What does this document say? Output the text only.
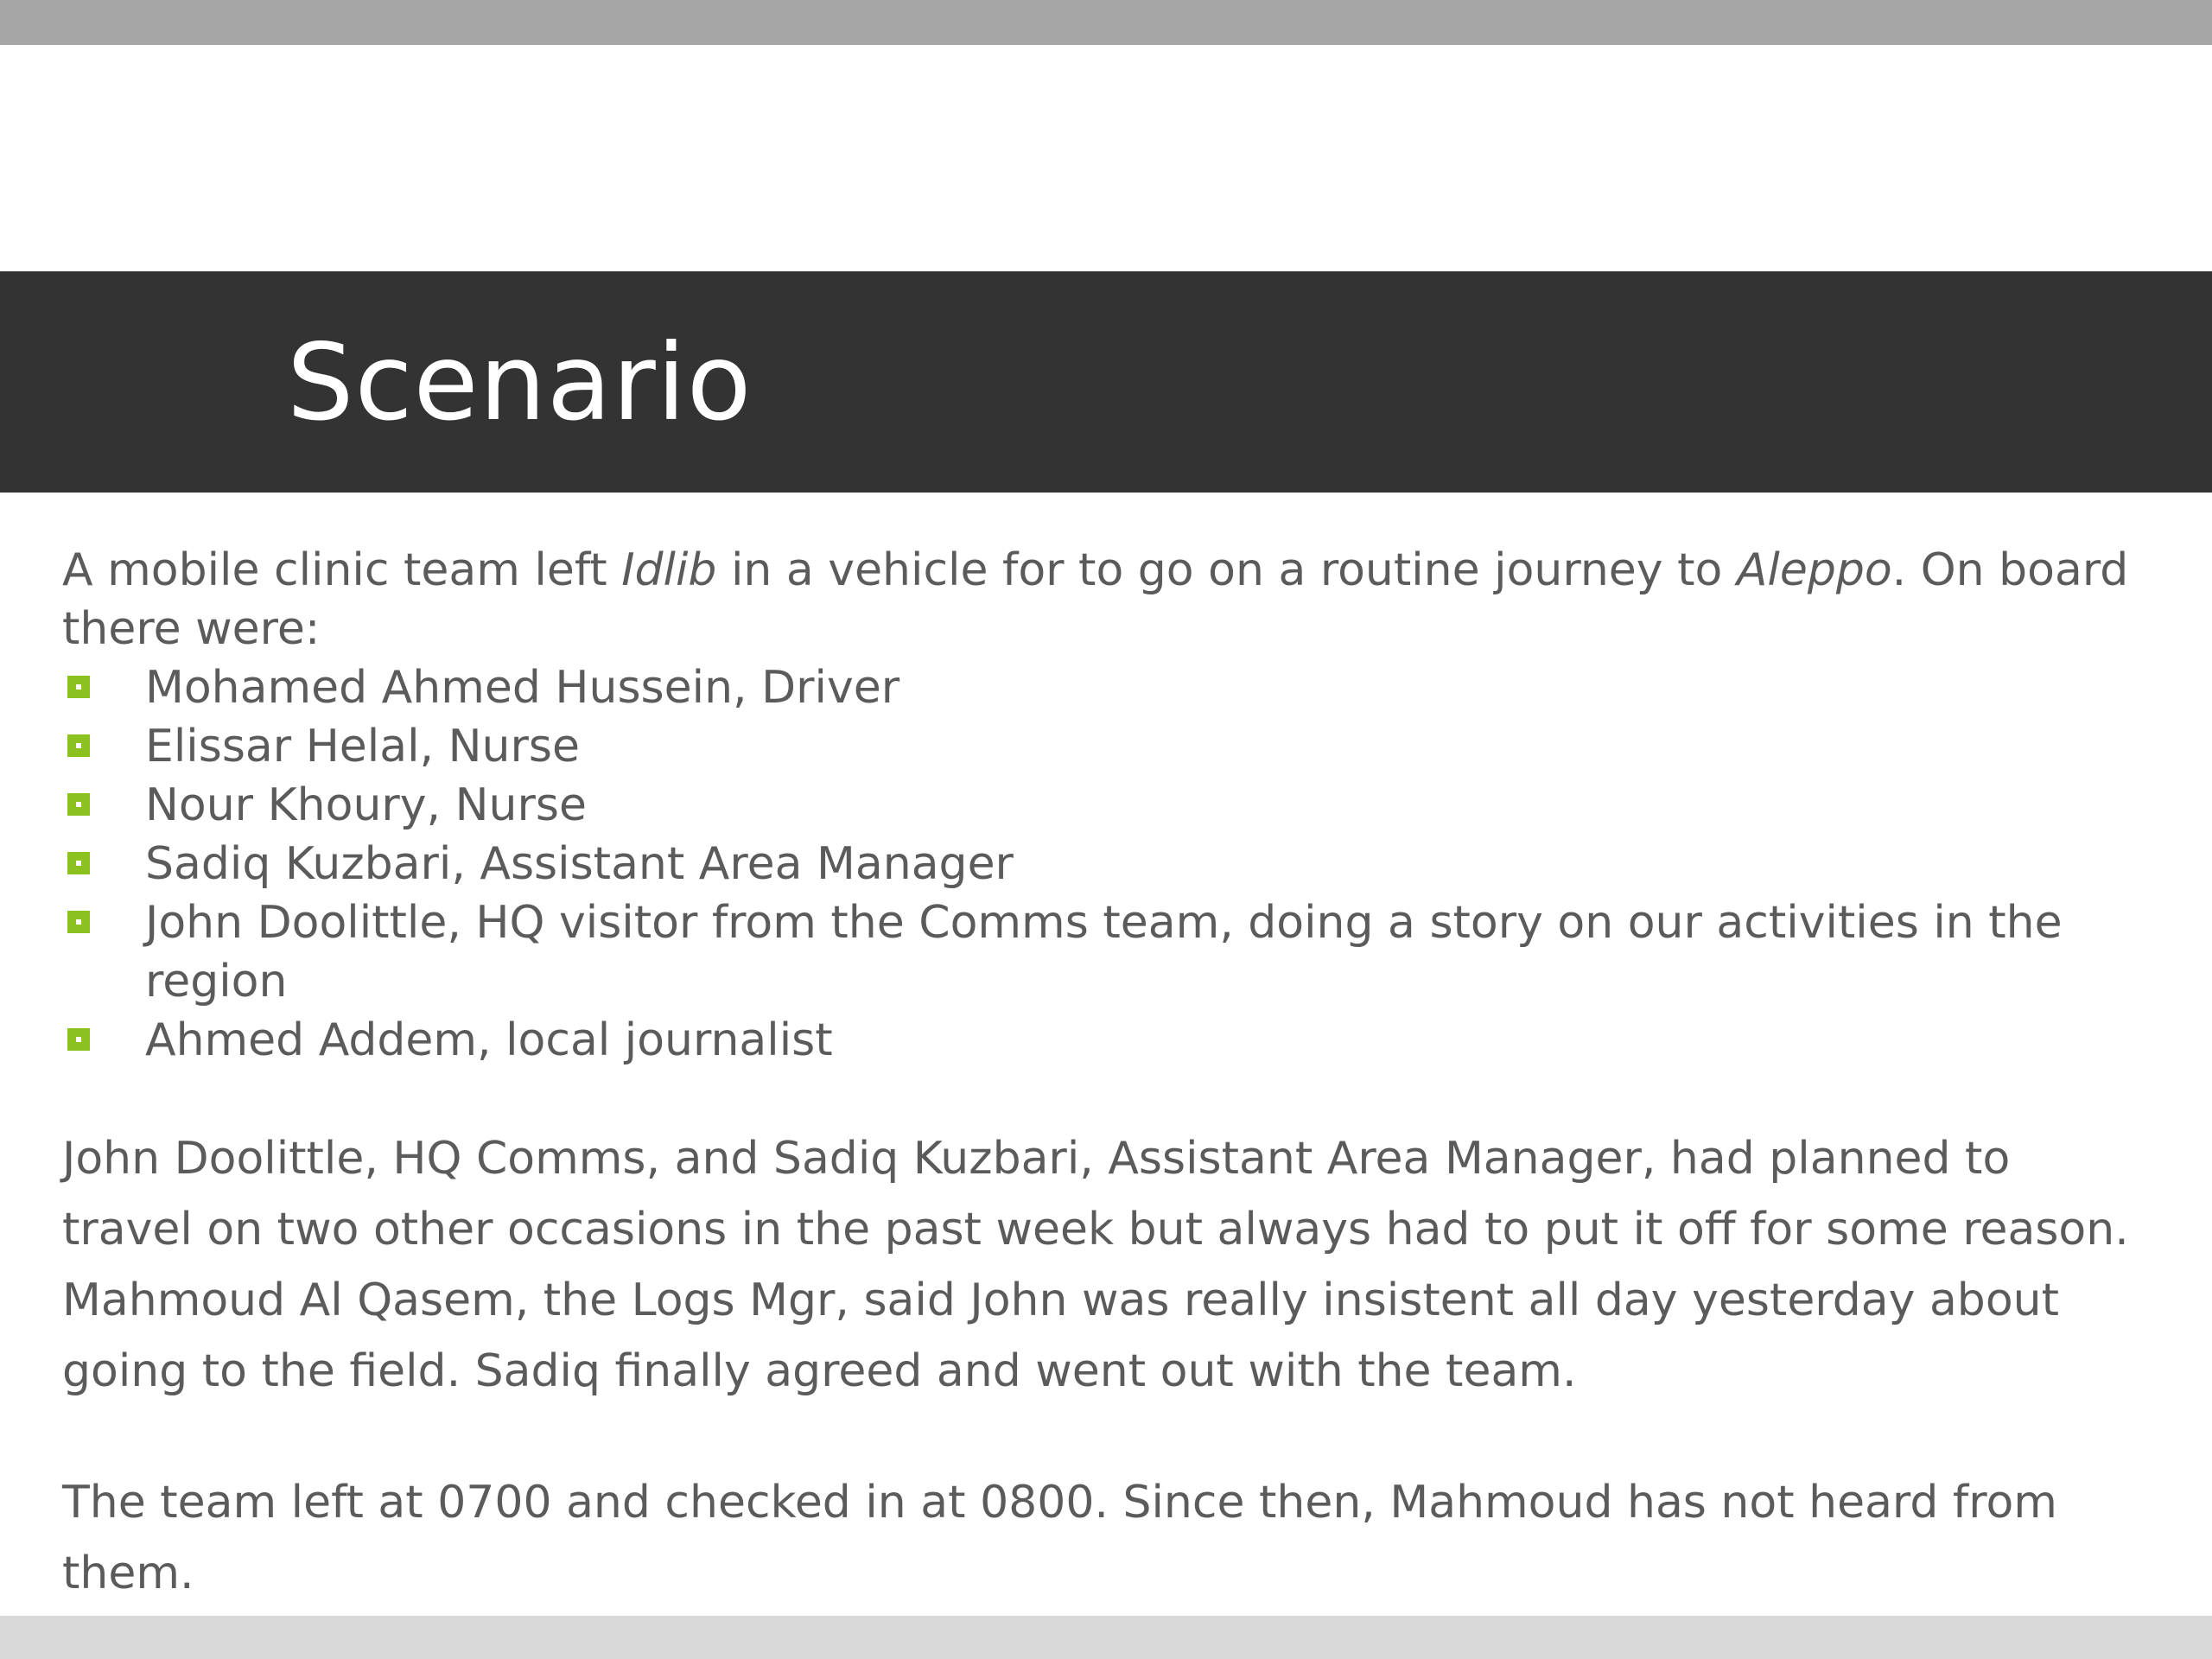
Scenario

A mobile clinic team left Idlib in a vehicle for to go on a routine journey to Aleppo. On board there were:

Mohamed Ahmed Hussein, Driver
Elissar Helal, Nurse
Nour Khoury, Nurse
Sadiq Kuzbari, Assistant Area Manager
John Doolittle, HQ visitor from the Comms team, doing a story on our activities in the region
Ahmed Addem, local journalist

John Doolittle, HQ Comms, and Sadiq Kuzbari, Assistant Area Manager, had planned to travel on two other occasions in the past week but always had to put it off for some reason. Mahmoud Al Qasem, the Logs Mgr, said John was really insistent all day yesterday about going to the field. Sadiq finally agreed and went out with the team.

The team left at 0700 and checked in at 0800. Since then, Mahmoud has not heard from them.
